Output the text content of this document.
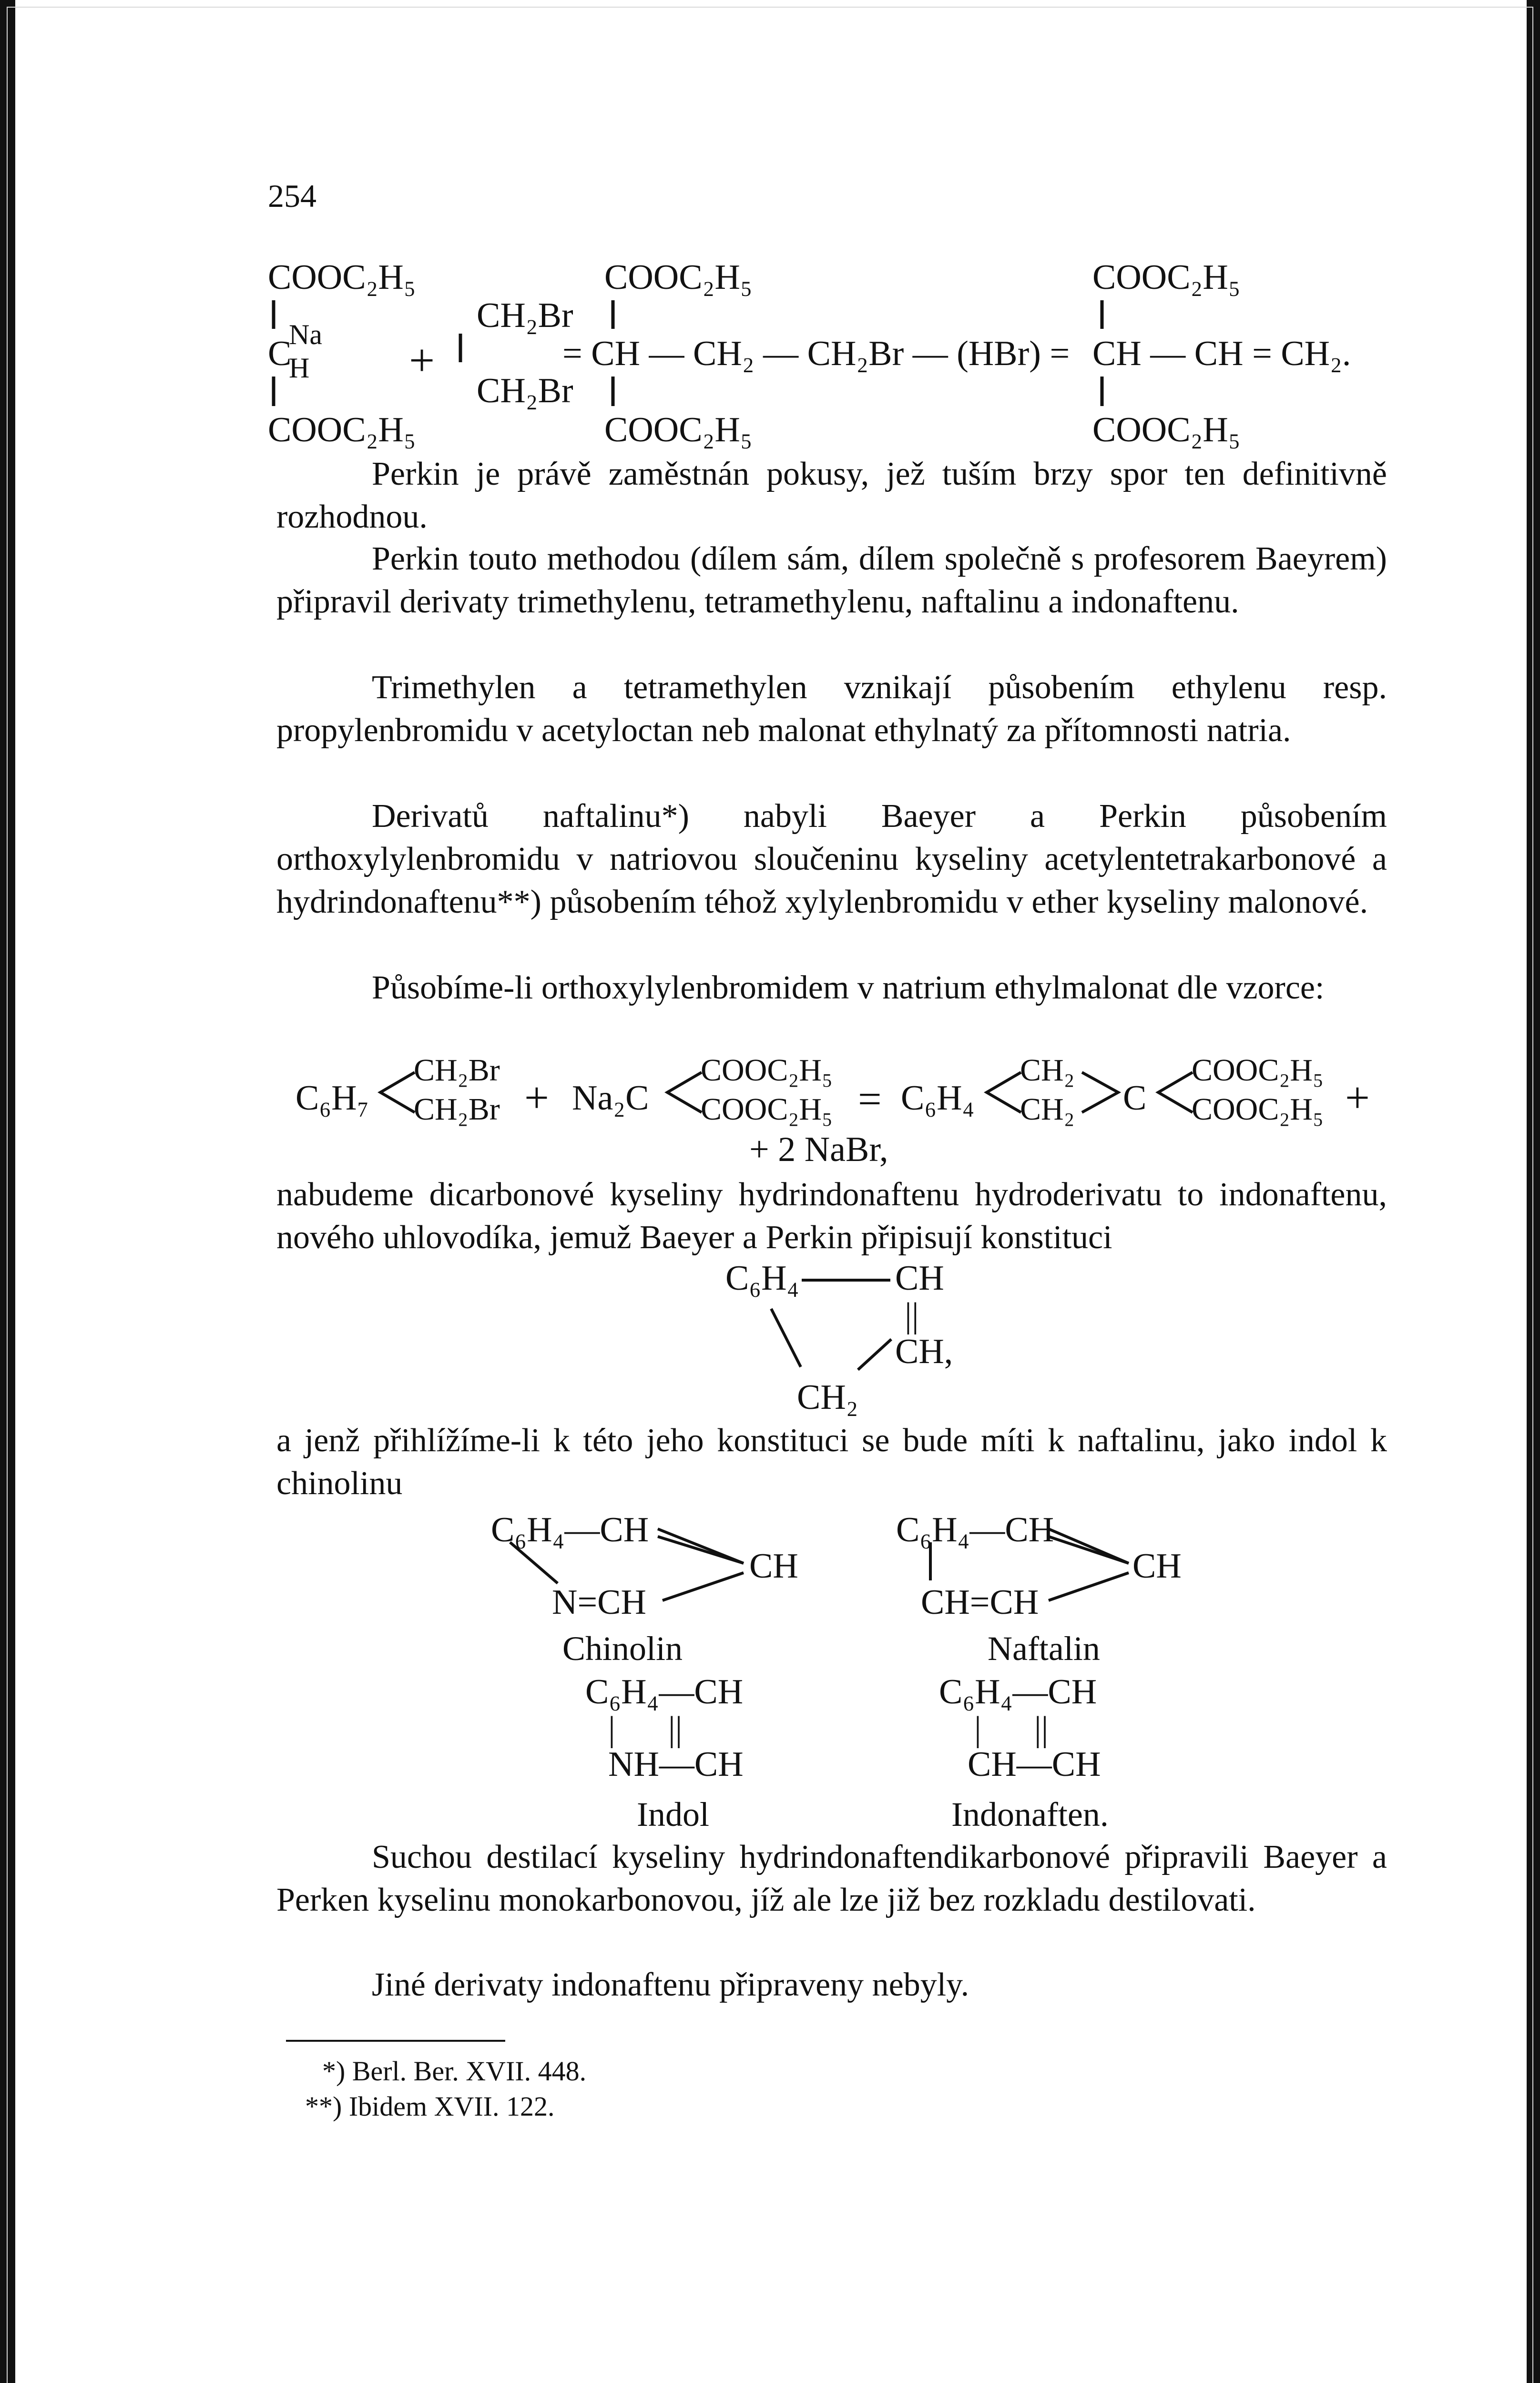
254
COOC₂H₅
Na
C
H
COOC₂H₅
+
CH₂Br
CH₂Br
COOC₂H₅
= CH — CH₂ — CH₂Br — (HBr) =
COOC₂H₅
COOC₂H₅
CH — CH = CH₂.
COOC₂H₅
Perkin je právě zaměstnán pokusy, jež tuším brzy spor ten definitivně rozhodnou.
Perkin touto methodou (dílem sám, dílem společně s profesorem Baeyrem) připravil derivaty trimethylenu, tetramethylenu, naftalinu a indonaftenu.
Trimethylen a tetramethylen vznikají působením ethylenu resp. propylenbromidu v acetyloctan neb malonat ethylnatý za přítomnosti natria.
Derivatů naftalinu*) nabyli Baeyer a Perkin působením orthoxylylenbromidu v natriovou sloučeninu kyseliny acetylentetrakarbonové a hydrindonaftenu**) působením téhož xylylenbromidu v ether kyseliny malonové.
Působíme-li orthoxylylenbromidem v natrium ethylmalonat dle vzorce:
C₆H₇
CH₂Br
CH₂Br + Na₂C
COOC₂H₅
COOC₂H₅ = C₆H₄
CH₂
CH₂ C
COOC₂H₅
COOC₂H₅ +
+ 2 NaBr,
nabudeme dicarbonové kyseliny hydrindonaftenu hydroderivatu to indonaftenu, nového uhlovodíka, jemuž Baeyer a Perkin připisují konstituci
C₆H₄	CH
||
CH,
CH₂
a jenž přihlížíme-li k této jeho konstituci se bude míti k naftalinu, jako indol k chinolinu
C₆H₄—CH
CH
N=CH
Chinolin
C₆H₄—CH
CH
CH=CH
Naftalin
C₆H₄—CH
|      ||
NH—CH
Indol
C₆H₄—CH
|      ||
CH—CH
Indonaften.
Suchou destilací kyseliny hydrindonaftendikarbonové připravili Baeyer a Perken kyselinu monokarbonovou, jíž ale lze již bez rozkladu destilovati.
Jiné derivaty indonaftenu připraveny nebyly.
*) Berl. Ber. XVII. 448.
**) Ibidem XVII. 122.
